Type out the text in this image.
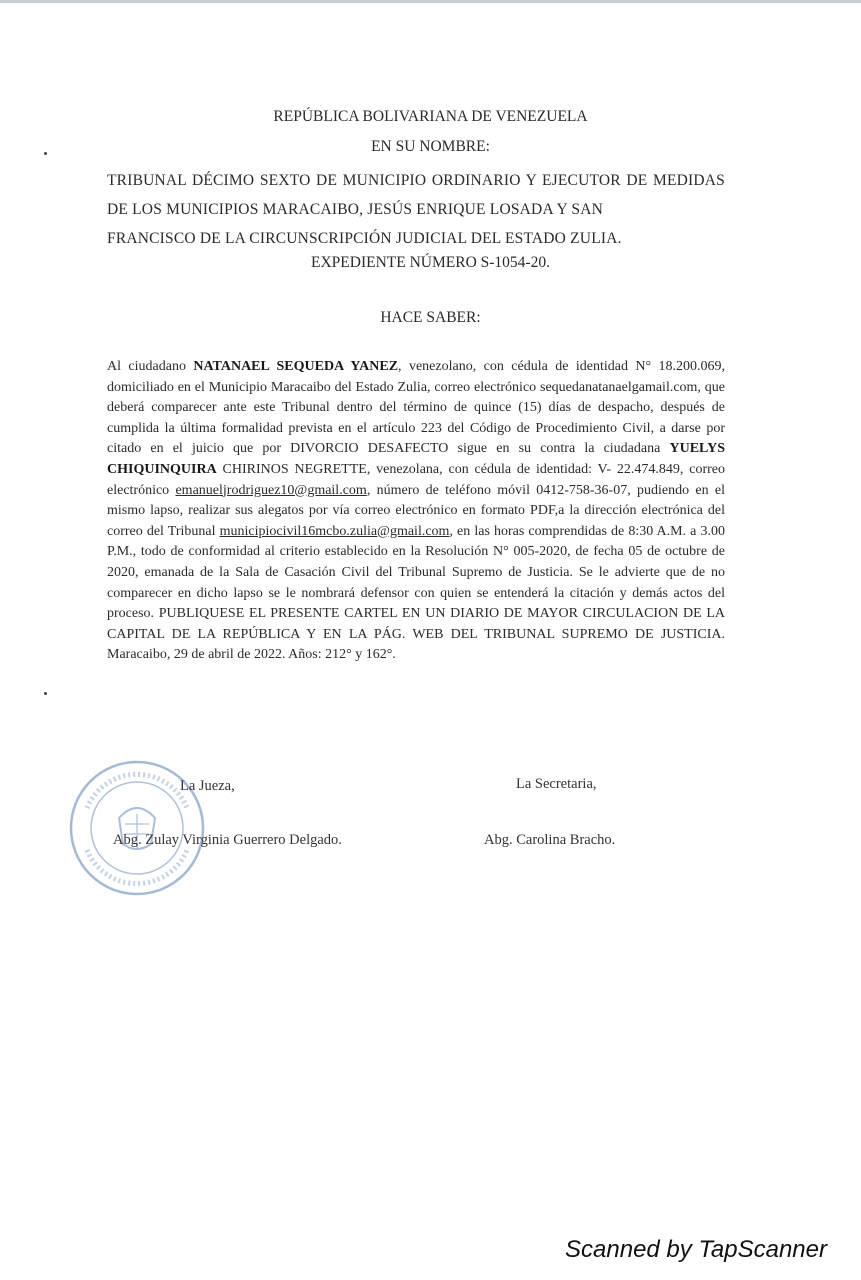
REPÚBLICA BOLIVARIANA DE VENEZUELA
EN SU NOMBRE:
TRIBUNAL DÉCIMO SEXTO DE MUNICIPIO ORDINARIO Y EJECUTOR DE MEDIDAS DE LOS MUNICIPIOS MARACAIBO, JESÚS ENRIQUE LOSADA Y SAN
FRANCISCO DE LA CIRCUNSCRIPCIÓN JUDICIAL DEL ESTADO ZULIA.
EXPEDIENTE NÚMERO S-1054-20.
HACE SABER:
Al ciudadano NATANAEL SEQUEDA YANEZ, venezolano, con cédula de identidad N° 18.200.069, domiciliado en el Municipio Maracaibo del Estado Zulia, correo electrónico sequedanatanaelgamail.com, que deberá comparecer ante este Tribunal dentro del término de quince (15) días de despacho, después de cumplida la última formalidad prevista en el artículo 223 del Código de Procedimiento Civil, a darse por citado en el juicio que por DIVORCIO DESAFECTO sigue en su contra la ciudadana YUELYS CHIQUINQUIRA CHIRINOS NEGRETTE, venezolana, con cédula de identidad: V- 22.474.849, correo electrónico emanueljrodriguez10@gmail.com, número de teléfono móvil 0412-758-36-07, pudiendo en el mismo lapso, realizar sus alegatos por vía correo electrónico en formato PDF,a la dirección electrónica del correo del Tribunal municipiocivil16mcbo.zulia@gmail.com, en las horas comprendidas de 8:30 A.M. a 3.00 P.M., todo de conformidad al criterio establecido en la Resolución N° 005-2020, de fecha 05 de octubre de 2020, emanada de la Sala de Casación Civil del Tribunal Supremo de Justicia. Se le advierte que de no comparecer en dicho lapso se le nombrará defensor con quien se entenderá la citación y demás actos del proceso. PUBLIQUESE EL PRESENTE CARTEL EN UN DIARIO DE MAYOR CIRCULACION DE LA CAPITAL DE LA REPÚBLICA Y EN LA PÁG. WEB DEL TRIBUNAL SUPREMO DE JUSTICIA. Maracaibo, 29 de abril de 2022. Años: 212° y 162°.
La Jueza,
Abg. Zulay Virginia Guerrero Delgado.
La Secretaria,
Abg. Carolina Bracho.
Scanned by TapScanner
